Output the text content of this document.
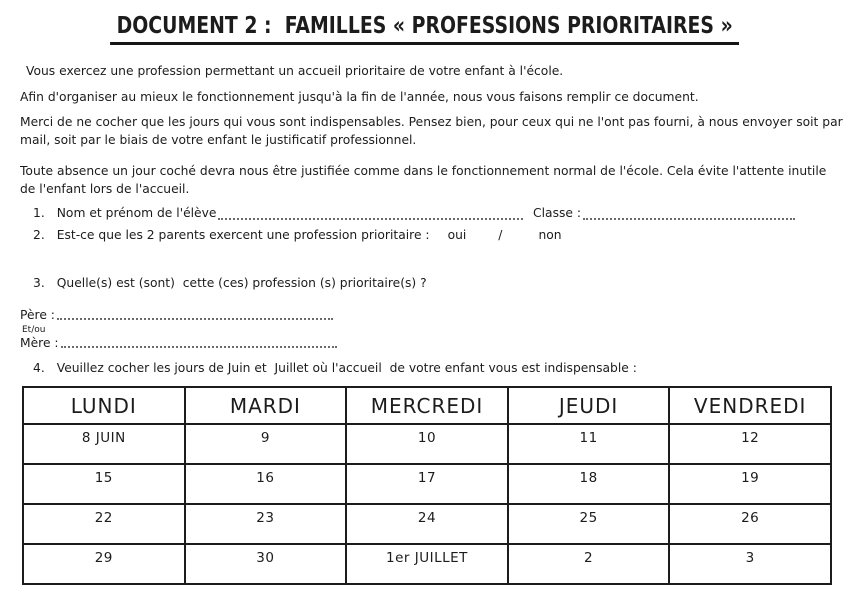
DOCUMENT 2 :  FAMILLES « PROFESSIONS PRIORITAIRES »

Vous exercez une profession permettant un accueil prioritaire de votre enfant à l'école.

Afin d'organiser au mieux le fonctionnement jusqu'à la fin de l'année, nous vous faisons remplir ce document.

Merci de ne cocher que les jours qui vous sont indispensables. Pensez bien, pour ceux qui ne l'ont pas fourni, à nous envoyer soit par mail, soit par le biais de votre enfant le justificatif professionnel.

Toute absence un jour coché devra nous être justifiée comme dans le fonctionnement normal de l'école. Cela évite l'attente inutile de l'enfant lors de l'accueil.

1. Nom et prénom de l'élève	Classe :
2. Est-ce que les 2 parents exercent une profession prioritaire : oui	/	non
3. Quelle(s) est (sont)  cette (ces) profession (s) prioritaire(s) ?
Père :
Et/ou
Mère :
4. Veuillez cocher les jours de Juin et  Juillet où l'accueil  de votre enfant vous est indispensable :
LUNDI	MARDI	MERCREDI	JEUDI	VENDREDI
8 JUIN	9	10	11	12
15	16	17	18	19
22	23	24	25	26
29	30	1er JUILLET	2	3
